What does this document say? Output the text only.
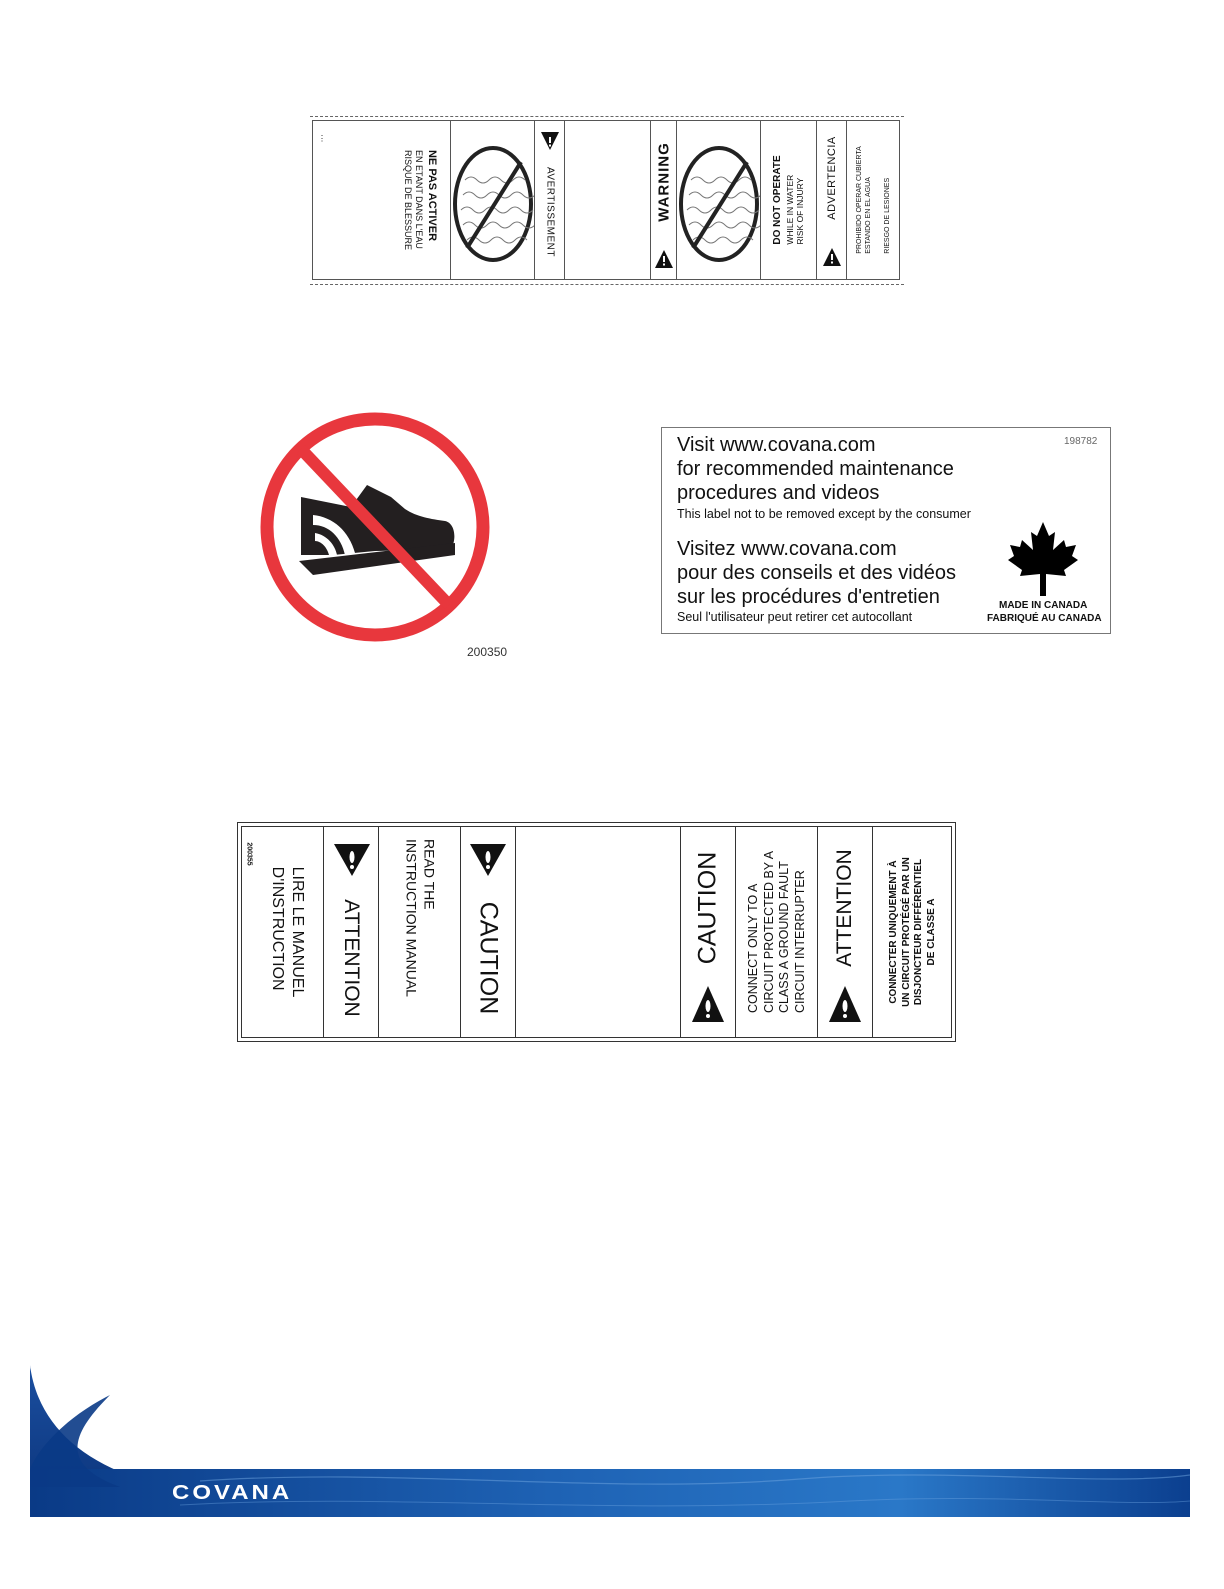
⋮
NE PAS ACTIVER
EN ETANT DANS L'EAU
RISQUE DE BLESSURE	AVERTISSEMENT	WARNING	DO NOT OPERATE WHILE IN WATER RISK OF INJURY ADVERTENCIA	PROHIBIDO OPERAR CUBIERTA ESTANDO EN EL AGUA RIESGO DE LESIONES
200350
198782
Visit www.covana.com
for recommended maintenance
procedures and videos
This label not to be removed except by the consumer
Visitez www.covana.com
pour des conseils et des vidéos
sur les procédures d'entretien
Seul l'utilisateur peut retirer cet autocollant
MADE IN CANADA
FABRIQUÉ AU CANADA
200355
LIRE LE MANUEL
D'INSTRUCTION	ATTENTION
READ THE
INSTRUCTION MANUAL CAUTION	CAUTION CONNECT ONLY TO A CIRCUIT PROTECTED BY A CLASS A GROUND FAULT CIRCUIT INTERRUPTER ATTENTION	CONNECTER UNIQUEMENT À UN CIRCUIT PROTÉGÉ PAR UN DISJONCTEUR DIFFÉRENTIEL DE CLASSE A
COVANA
